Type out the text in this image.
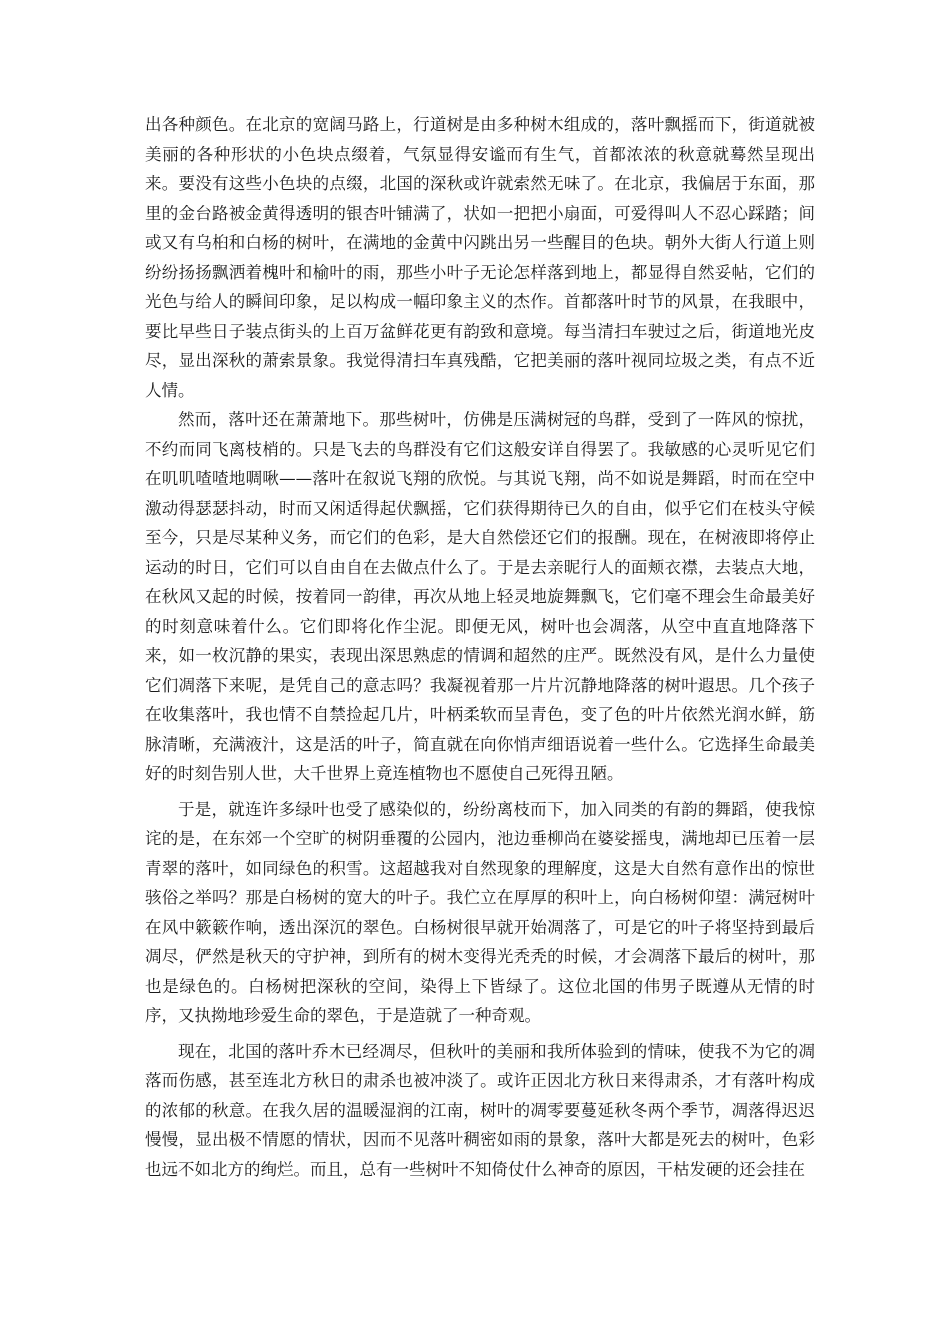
出各种颜色。在北京的宽阔马路上，行道树是由多种树木组成的，落叶飘摇而下，街道就被美丽的各种形状的小色块点缀着，气氛显得安谧而有生气，首都浓浓的秋意就蓦然呈现出来。要没有这些小色块的点缀，北国的深秋或许就索然无味了。在北京，我偏居于东面，那里的金台路被金黄得透明的银杏叶铺满了，状如一把把小扇面，可爱得叫人不忍心踩踏；间或又有乌桕和白杨的树叶，在满地的金黄中闪跳出另一些醒目的色块。朝外大街人行道上则纷纷扬扬飘洒着槐叶和榆叶的雨，那些小叶子无论怎样落到地上，都显得自然妥帖，它们的光色与给人的瞬间印象，足以构成一幅印象主义的杰作。首都落叶时节的风景，在我眼中，要比早些日子装点街头的上百万盆鲜花更有韵致和意境。每当清扫车驶过之后，街道地光皮尽，显出深秋的萧索景象。我觉得清扫车真残酷，它把美丽的落叶视同垃圾之类，有点不近人情。

然而，落叶还在萧萧地下。那些树叶，仿佛是压满树冠的鸟群，受到了一阵风的惊扰，不约而同飞离枝梢的。只是飞去的鸟群没有它们这般安详自得罢了。我敏感的心灵听见它们在叽叽喳喳地啁啾——落叶在叙说飞翔的欣悦。与其说飞翔，尚不如说是舞蹈，时而在空中激动得瑟瑟抖动，时而又闲适得起伏飘摇，它们获得期待已久的自由，似乎它们在枝头守候至今，只是尽某种义务，而它们的色彩，是大自然偿还它们的报酬。现在，在树液即将停止运动的时日，它们可以自由自在去做点什么了。于是去亲昵行人的面颊衣襟，去装点大地，在秋风又起的时候，按着同一韵律，再次从地上轻灵地旋舞飘飞，它们毫不理会生命最美好的时刻意味着什么。它们即将化作尘泥。即便无风，树叶也会凋落，从空中直直地降落下来，如一枚沉静的果实，表现出深思熟虑的情调和超然的庄严。既然没有风，是什么力量使它们凋落下来呢，是凭自己的意志吗？我凝视着那一片片沉静地降落的树叶遐思。几个孩子在收集落叶，我也情不自禁捡起几片，叶柄柔软而呈青色，变了色的叶片依然光润水鲜，筋脉清晰，充满液汁，这是活的叶子，简直就在向你悄声细语说着一些什么。它选择生命最美好的时刻告别人世，大千世界上竟连植物也不愿使自己死得丑陋。

于是，就连许多绿叶也受了感染似的，纷纷离枝而下，加入同类的有韵的舞蹈，使我惊诧的是，在东郊一个空旷的树阴垂覆的公园内，池边垂柳尚在婆娑摇曳，满地却已压着一层青翠的落叶，如同绿色的积雪。这超越我对自然现象的理解度，这是大自然有意作出的惊世骇俗之举吗？那是白杨树的宽大的叶子。我伫立在厚厚的积叶上，向白杨树仰望：满冠树叶在风中簌簌作响，透出深沉的翠色。白杨树很早就开始凋落了，可是它的叶子将坚持到最后凋尽，俨然是秋天的守护神，到所有的树木变得光秃秃的时候，才会凋落下最后的树叶，那也是绿色的。白杨树把深秋的空间，染得上下皆绿了。这位北国的伟男子既遵从无情的时序，又执拗地珍爱生命的翠色，于是造就了一种奇观。

现在，北国的落叶乔木已经凋尽，但秋叶的美丽和我所体验到的情味，使我不为它的凋落而伤感，甚至连北方秋日的肃杀也被冲淡了。或许正因北方秋日来得肃杀，才有落叶构成的浓郁的秋意。在我久居的温暖湿润的江南，树叶的凋零要蔓延秋冬两个季节，凋落得迟迟慢慢，显出极不情愿的情状，因而不见落叶稠密如雨的景象，落叶大都是死去的树叶，色彩也远不如北方的绚烂。而且，总有一些树叶不知倚仗什么神奇的原因，干枯发硬的还会挂在
